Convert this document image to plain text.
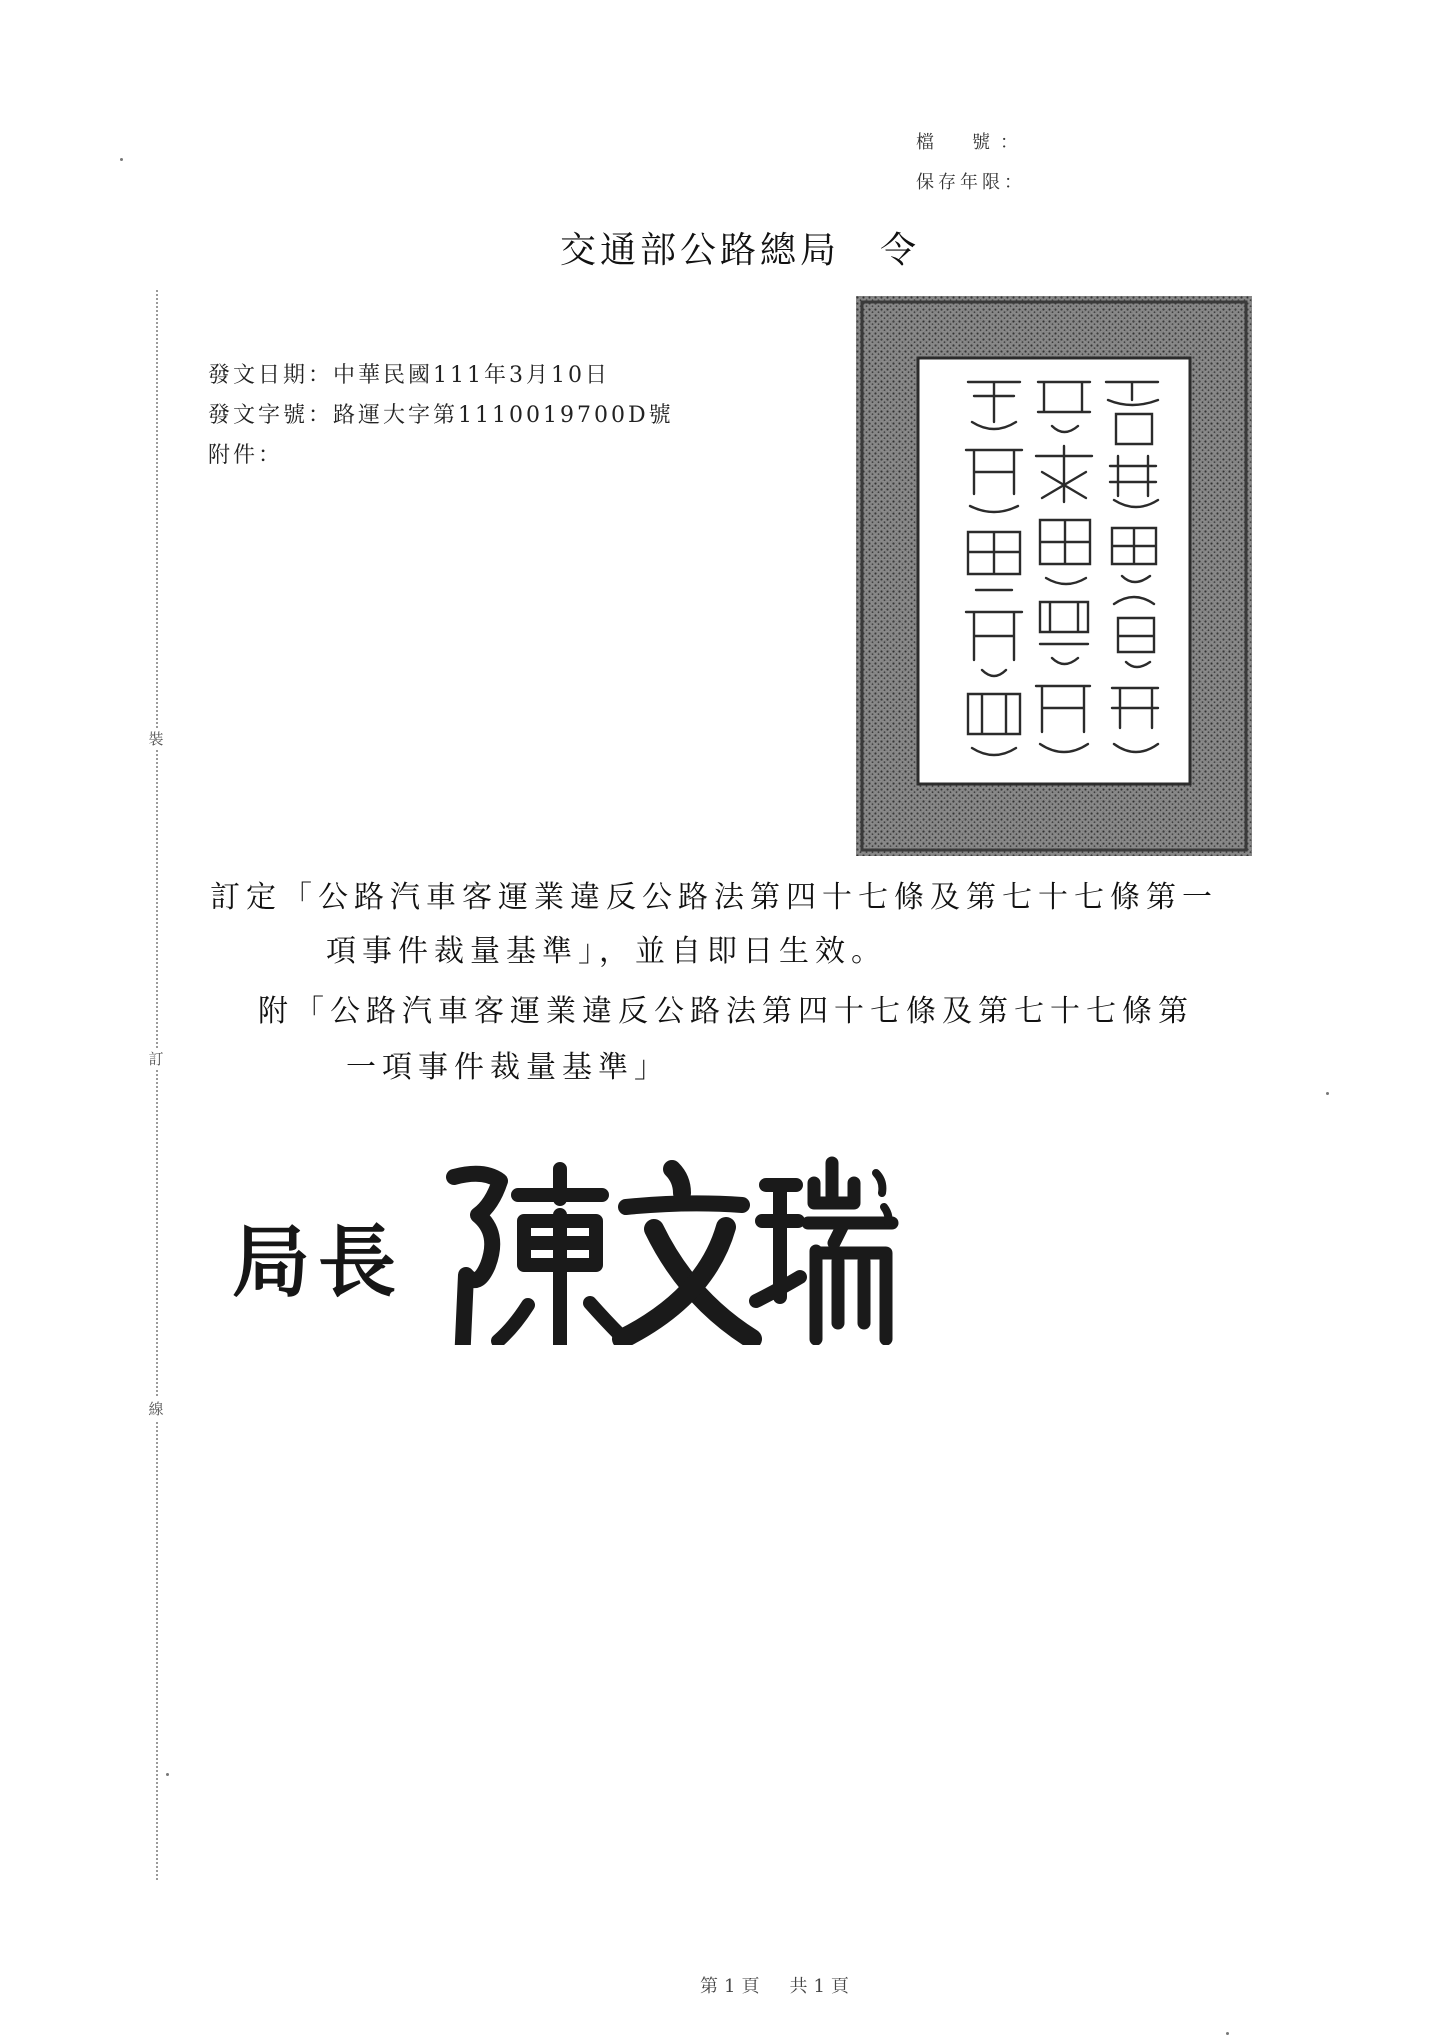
裝
訂
線
檔　號：
保存年限：
交通部公路總局　令
發文日期：中華民國111年3月10日
發文字號：路運大字第1110019700D號
附件：
訂定「公路汽車客運業違反公路法第四十七條及第七十七條第一
項事件裁量基準」，並自即日生效。
附「公路汽車客運業違反公路法第四十七條及第七十七條第
一項事件裁量基準」
局長
第1頁　共1頁
